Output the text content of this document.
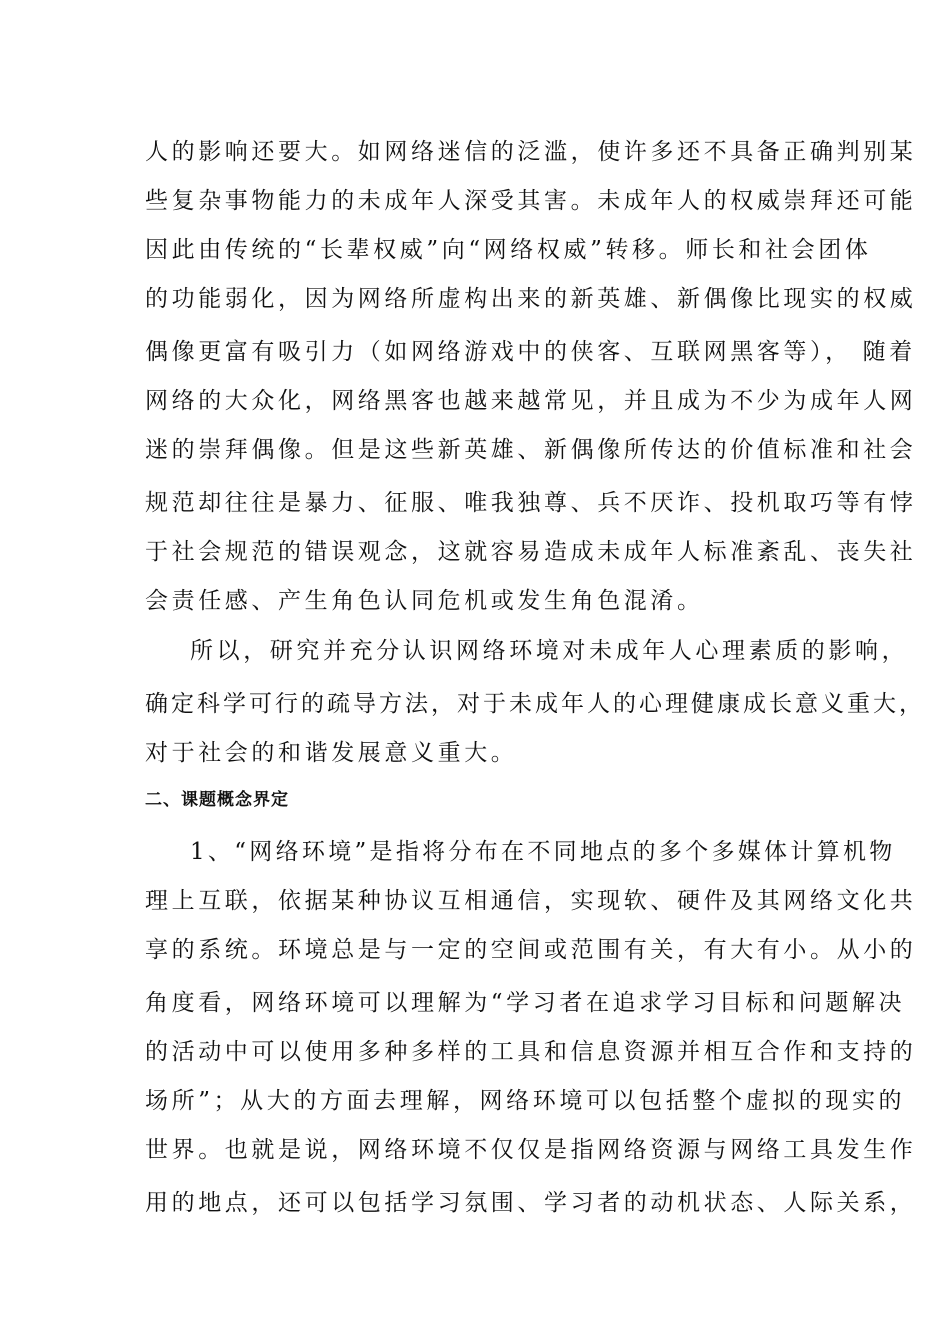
人的影响还要大。如网络迷信的泛滥，使许多还不具备正确判别某
些复杂事物能力的未成年人深受其害。未成年人的权威崇拜还可能
因此由传统的“长辈权威”向“网络权威”转移。师长和社会团体
的功能弱化，因为网络所虚构出来的新英雄、新偶像比现实的权威
偶像更富有吸引力（如网络游戏中的侠客、互联网黑客等）， 随着
网络的大众化，网络黑客也越来越常见，并且成为不少为成年人网
迷的崇拜偶像。但是这些新英雄、新偶像所传达的价值标准和社会
规范却往往是暴力、征服、唯我独尊、兵不厌诈、投机取巧等有悖
于社会规范的错误观念，这就容易造成未成年人标准紊乱、丧失社
会责任感、产生角色认同危机或发生角色混淆。
所以，研究并充分认识网络环境对未成年人心理素质的影响，
确定科学可行的疏导方法，对于未成年人的心理健康成长意义重大，
对于社会的和谐发展意义重大。
二、课题概念界定
1、“网络环境”是指将分布在不同地点的多个多媒体计算机物
理上互联，依据某种协议互相通信，实现软、硬件及其网络文化共
享的系统。环境总是与一定的空间或范围有关，有大有小。从小的
角度看，网络环境可以理解为“学习者在追求学习目标和问题解决
的活动中可以使用多种多样的工具和信息资源并相互合作和支持的
场所”；从大的方面去理解，网络环境可以包括整个虚拟的现实的
世界。也就是说，网络环境不仅仅是指网络资源与网络工具发生作
用的地点，还可以包括学习氛围、学习者的动机状态、人际关系，
